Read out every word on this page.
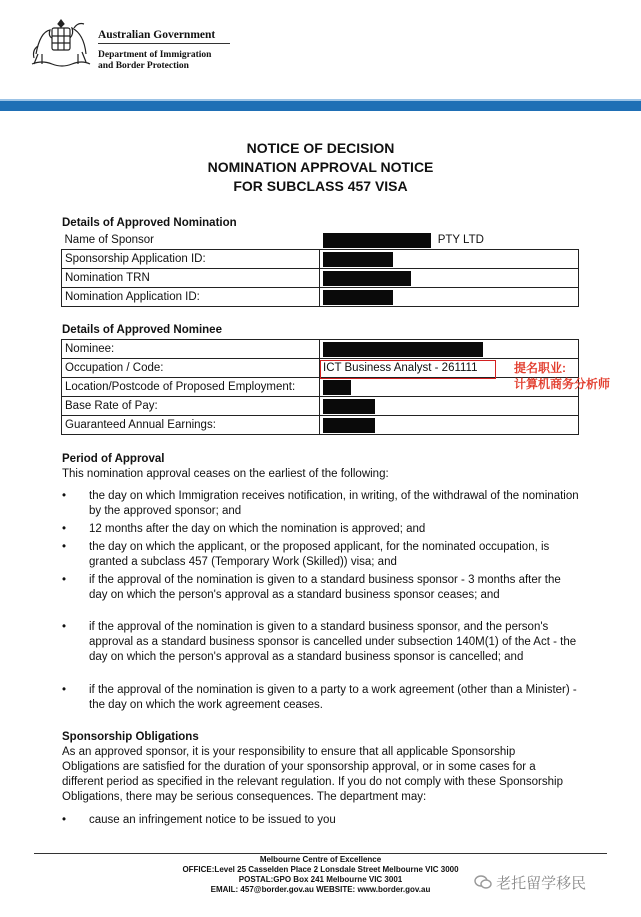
Australian Government
Department of Immigration
and Border Protection
NOTICE OF DECISION
NOMINATION APPROVAL NOTICE
FOR SUBCLASS 457 VISA
Details of Approved Nomination
Name of Sponsor	PTY LTD
Sponsorship Application ID:	
Nomination TRN	
Nomination Application ID:	
Details of Approved Nominee
Nominee:	
Occupation / Code:	ICT Business Analyst - 261111
Location/Postcode of Proposed Employment:	
Base Rate of Pay:	
Guaranteed Annual Earnings:	
提名职业:
计算机商务分析师
Period of Approval
This nomination approval ceases on the earliest of the following:
• the day on which Immigration receives notification, in writing, of the withdrawal of the nomination by the approved sponsor; and
• 12 months after the day on which the nomination is approved; and
• the day on which the applicant, or the proposed applicant, for the nominated occupation, is granted a subclass 457 (Temporary Work (Skilled)) visa; and
• if the approval of the nomination is given to a standard business sponsor - 3 months after the day on which the person's approval as a standard business sponsor ceases; and
• if the approval of the nomination is given to a standard business sponsor, and the person's approval as a standard business sponsor is cancelled under subsection 140M(1) of the Act - the day on which the person's approval as a standard business sponsor is cancelled; and
• if the approval of the nomination is given to a party to a work agreement (other than a Minister) - the day on which the work agreement ceases.
Sponsorship Obligations
As an approved sponsor, it is your responsibility to ensure that all applicable Sponsorship Obligations are satisfied for the duration of your sponsorship approval, or in some cases for a different period as specified in the relevant regulation. If you do not comply with these Sponsorship Obligations, there may be serious consequences. The department may:
• cause an infringement notice to be issued to you
Melbourne Centre of Excellence
OFFICE:Level 25 Casselden Place 2 Lonsdale Street Melbourne VIC 3000
POSTAL:GPO Box 241 Melbourne VIC 3001
EMAIL: 457@border.gov.au WEBSITE: www.border.gov.au	老托留学移民
